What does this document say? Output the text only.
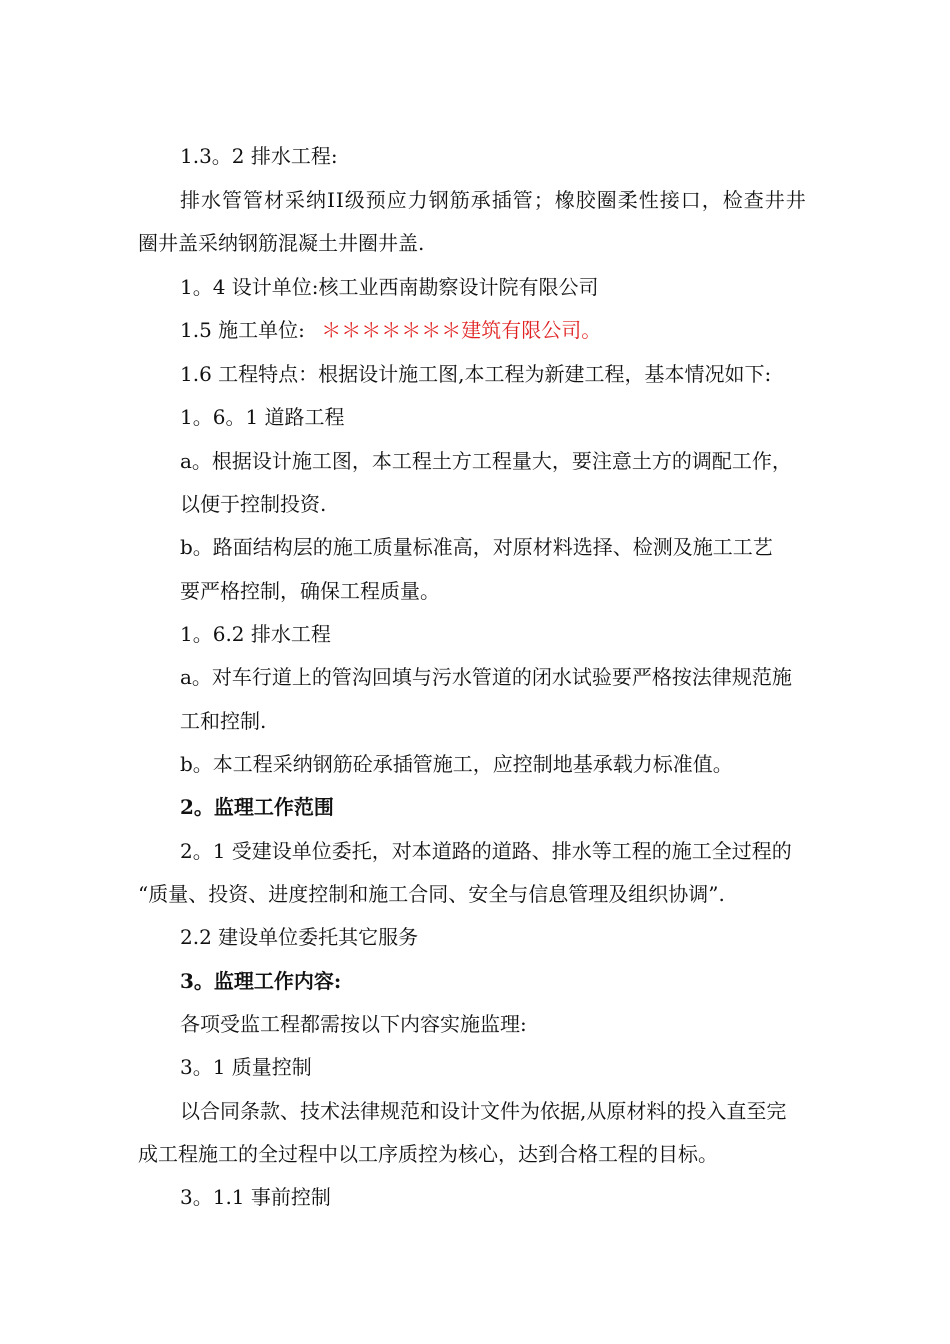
1.3。2 排水工程:
排水管管材采纳II级预应力钢筋承插管；橡胶圈柔性接口，检查井井
圈井盖采纳钢筋混凝土井圈井盖.
1。4 设计单位:核工业西南勘察设计院有限公司
1.5 施工单位: ＊＊＊＊＊＊＊建筑有限公司。
1.6 工程特点：根据设计施工图,本工程为新建工程，基本情况如下:
1。6。1 道路工程
a。根据设计施工图，本工程土方工程量大，要注意土方的调配工作，
以便于控制投资.
b。路面结构层的施工质量标准高，对原材料选择、检测及施工工艺
要严格控制，确保工程质量。
1。6.2 排水工程
a。对车行道上的管沟回填与污水管道的闭水试验要严格按法律规范施
工和控制.
b。本工程采纳钢筋砼承插管施工，应控制地基承载力标准值。
2。监理工作范围
2。1 受建设单位委托，对本道路的道路、排水等工程的施工全过程的
“质量、投资、进度控制和施工合同、安全与信息管理及组织协调”.
2.2 建设单位委托其它服务
3。监理工作内容:
各项受监工程都需按以下内容实施监理:
3。1 质量控制
以合同条款、技术法律规范和设计文件为依据,从原材料的投入直至完
成工程施工的全过程中以工序质控为核心，达到合格工程的目标。
3。1.1 事前控制
